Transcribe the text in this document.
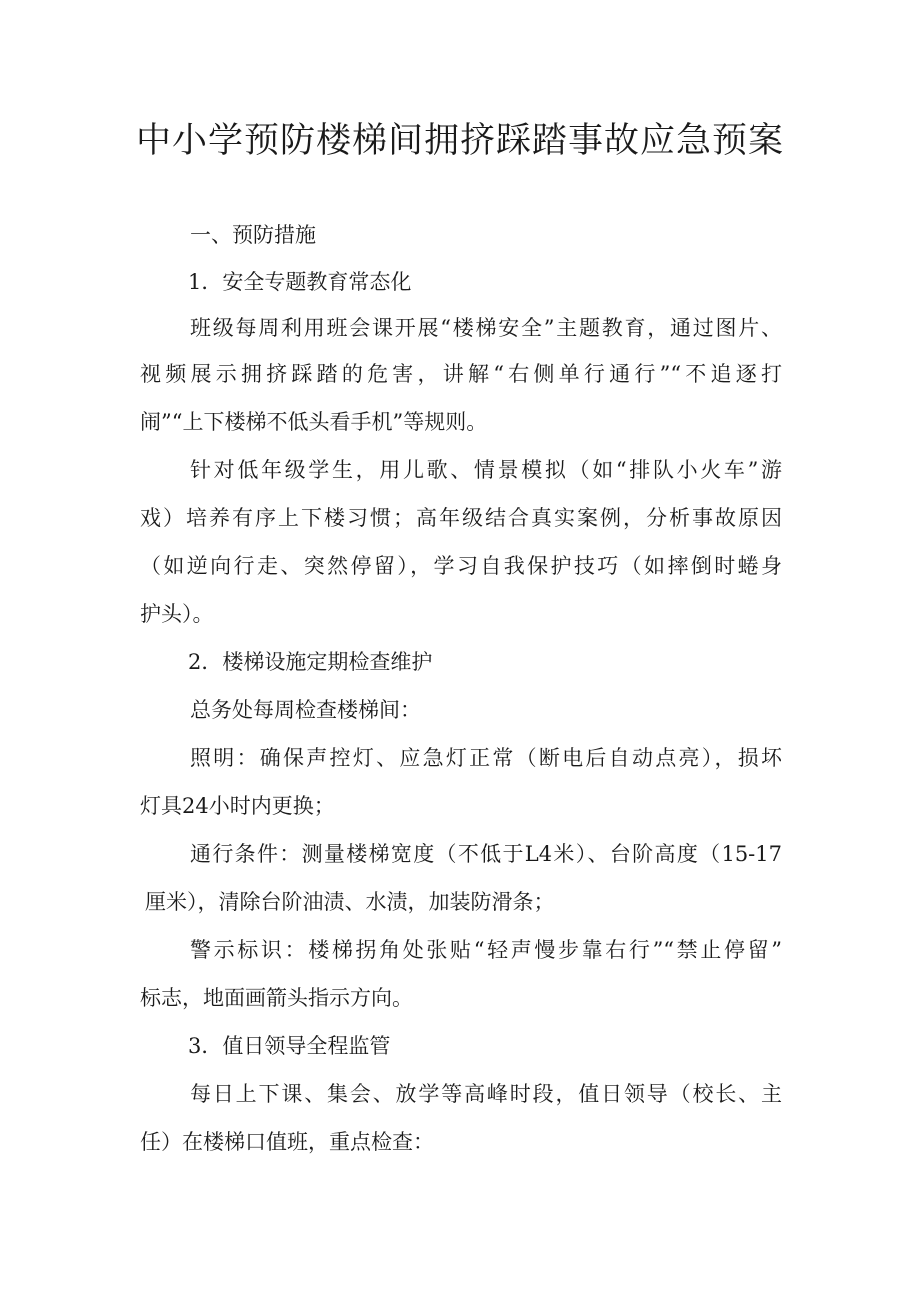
中小学预防楼梯间拥挤踩踏事故应急预案
一、预防措施
1．安全专题教育常态化
班级每周利用班会课开展“楼梯安全”主题教育，通过图片、
视频展示拥挤踩踏的危害，讲解“右侧单行通行”“不追逐打
闹”“上下楼梯不低头看手机”等规则。
针对低年级学生，用儿歌、情景模拟（如“排队小火车”游
戏）培养有序上下楼习惯；高年级结合真实案例，分析事故原因
（如逆向行走、突然停留），学习自我保护技巧（如摔倒时蜷身
护头）。
2．楼梯设施定期检查维护
总务处每周检查楼梯间：
照明：确保声控灯、应急灯正常（断电后自动点亮），损坏
灯具24小时内更换；
通行条件：测量楼梯宽度（不低于L4米）、台阶高度（15-17
厘米），清除台阶油渍、水渍，加装防滑条；
警示标识：楼梯拐角处张贴“轻声慢步靠右行”“禁止停留”
标志，地面画箭头指示方向。
3．值日领导全程监管
每日上下课、集会、放学等高峰时段，值日领导（校长、主
任）在楼梯口值班，重点检查：
